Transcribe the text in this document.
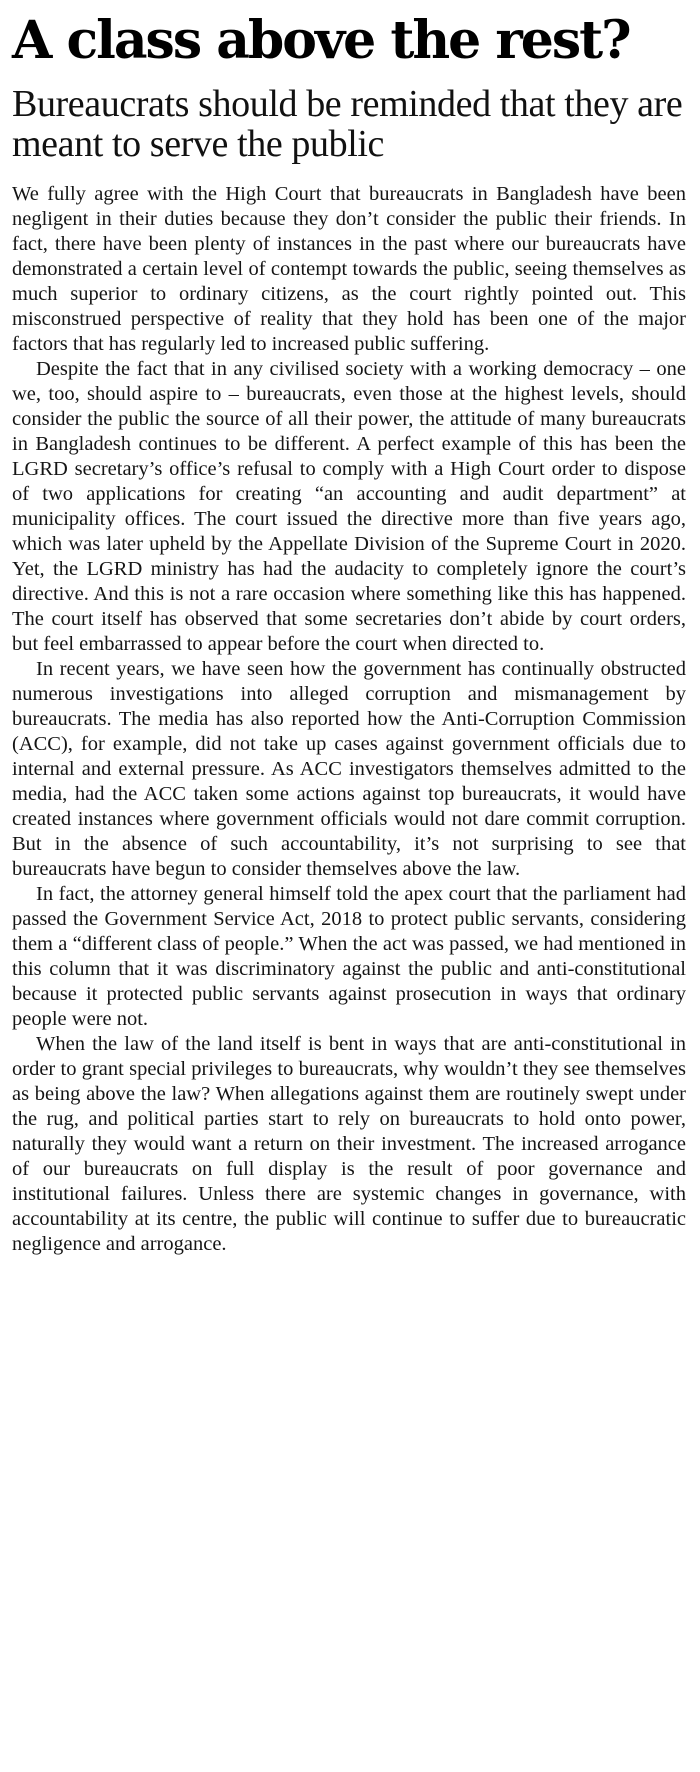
A class above the rest?
Bureaucrats should be reminded that they are meant to serve the public

We fully agree with the High Court that bureaucrats in Bangladesh have been negligent in their duties because they don’t consider the public their friends. In fact, there have been plenty of instances in the past where our bureaucrats have demonstrated a certain level of contempt towards the public, seeing themselves as much superior to ordinary citizens, as the court rightly pointed out. This misconstrued perspective of reality that they hold has been one of the major factors that has regularly led to increased public suffering.

Despite the fact that in any civilised society with a working democracy – one we, too, should aspire to – bureaucrats, even those at the highest levels, should consider the public the source of all their power, the attitude of many bureaucrats in Bangladesh continues to be different. A perfect example of this has been the LGRD secretary’s office’s refusal to comply with a High Court order to dispose of two applications for creating “an accounting and audit department” at municipality offices. The court issued the directive more than five years ago, which was later upheld by the Appellate Division of the Supreme Court in 2020. Yet, the LGRD ministry has had the audacity to completely ignore the court’s directive. And this is not a rare occasion where something like this has happened. The court itself has observed that some secretaries don’t abide by court orders, but feel embarrassed to appear before the court when directed to.

In recent years, we have seen how the government has continually obstructed numerous investigations into alleged corruption and mismanagement by bureaucrats. The media has also reported how the Anti-Corruption Commission (ACC), for example, did not take up cases against government officials due to internal and external pressure. As ACC investigators themselves admitted to the media, had the ACC taken some actions against top bureaucrats, it would have created instances where government officials would not dare commit corruption. But in the absence of such accountability, it’s not surprising to see that bureaucrats have begun to consider themselves above the law.

In fact, the attorney general himself told the apex court that the parliament had passed the Government Service Act, 2018 to protect public servants, considering them a “different class of people.” When the act was passed, we had mentioned in this column that it was discriminatory against the public and anti-constitutional because it protected public servants against prosecution in ways that ordinary people were not.

When the law of the land itself is bent in ways that are anti-constitutional in order to grant special privileges to bureaucrats, why wouldn’t they see themselves as being above the law? When allegations against them are routinely swept under the rug, and political parties start to rely on bureaucrats to hold onto power, naturally they would want a return on their investment. The increased arrogance of our bureaucrats on full display is the result of poor governance and institutional failures. Unless there are systemic changes in governance, with accountability at its centre, the public will continue to suffer due to bureaucratic negligence and arrogance.
